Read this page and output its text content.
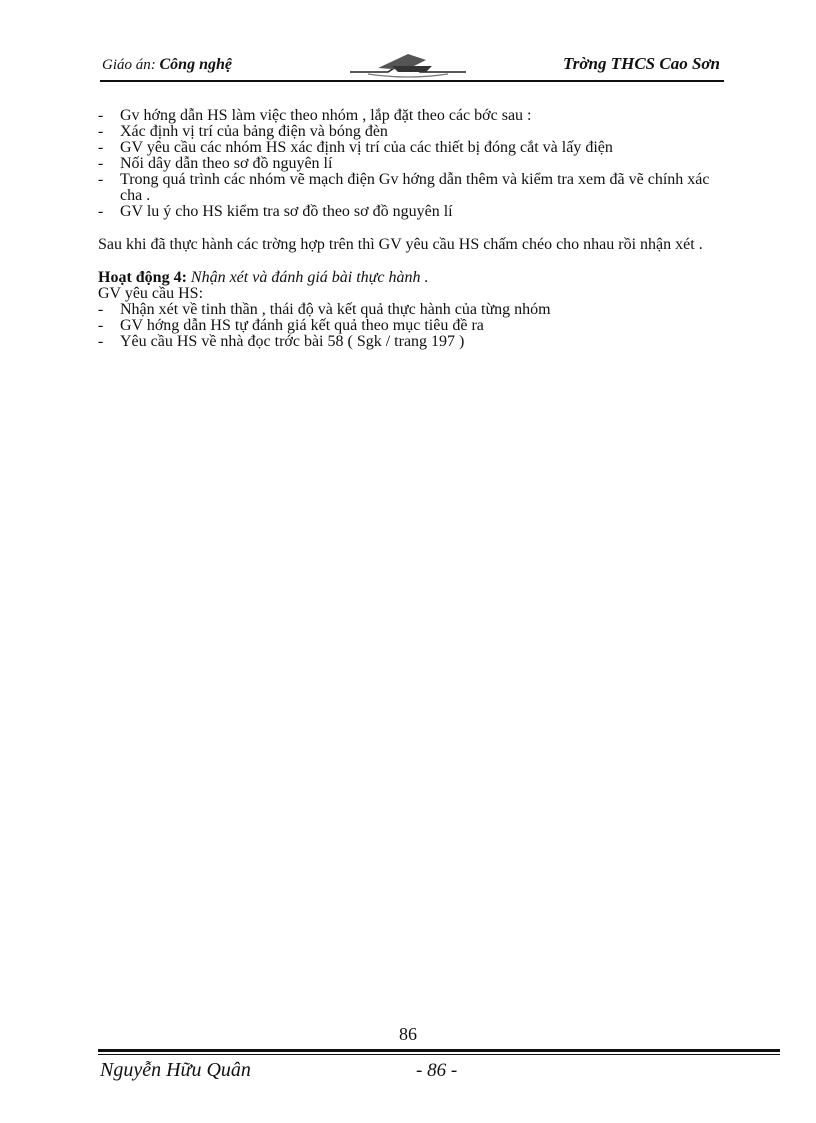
Giáo án: Công nghệ	Trờng THCS Cao Sơn
- Gv hớng dẫn HS làm việc theo nhóm , lắp đặt theo các bớc sau :
- Xác định vị trí của bảng điện và bóng đèn
- GV yêu cầu các nhóm HS xác định vị trí của các thiết bị đóng cắt và lấy điện
- Nối dây dẫn theo sơ đồ nguyên lí
- Trong quá trình các nhóm vẽ mạch điện Gv hớng dẫn thêm và kiểm tra xem đã vẽ chính xác cha .
- GV lu ý cho HS kiểm tra sơ đồ theo sơ đồ nguyên lí
Sau khi đã thực hành các trờng hợp trên thì GV yêu cầu HS chấm chéo cho nhau rồi nhận xét .
Hoạt động 4: Nhận xét và đánh giá bài thực hành .
GV yêu cầu HS:
- Nhận xét về tinh thần , thái độ và kết quả thực hành của từng nhóm
- GV hớng dẫn HS tự đánh giá kết quả theo mục tiêu đề ra
- Yêu cầu HS về nhà đọc trớc bài 58 ( Sgk / trang 197 )
86
Nguyễn Hữu Quân	- 86 -
